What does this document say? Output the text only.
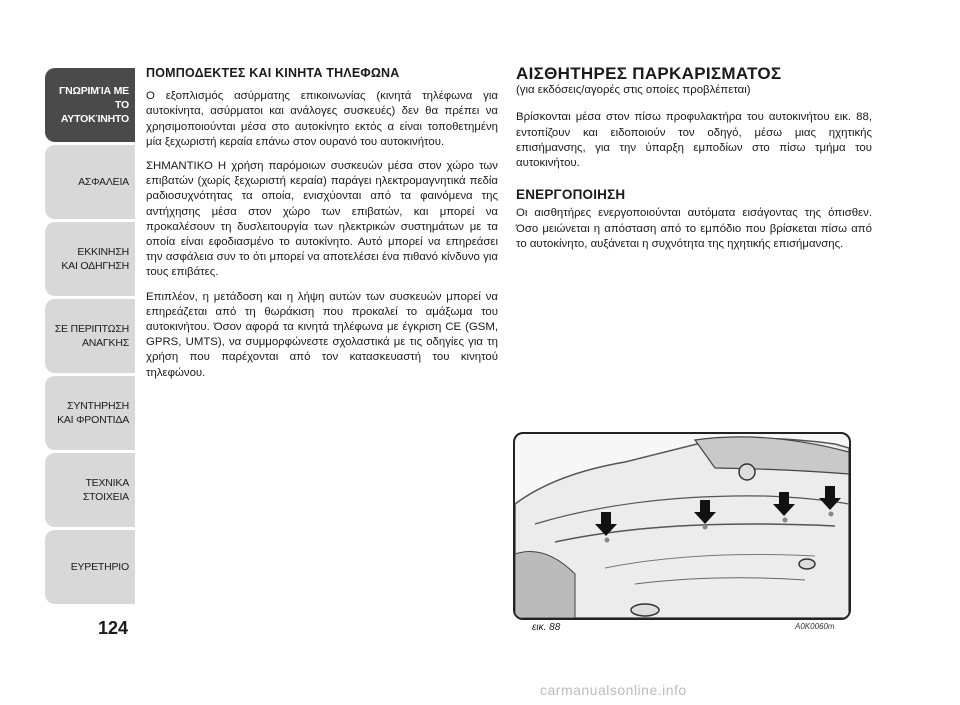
ΓΝΩΡΙΜΊΑ ΜΕ ΤΟ
ΑΥΤΟΚΊΝΗΤΟ
ΑΣΦΑΛΕΙΑ
ΕΚΚΙΝΗΣΗ
ΚΑΙ ΟΔΗΓΗΣΗ
ΣΕ ΠΕΡΙΠΤΩΣΗ
ΑΝΑΓΚΗΣ
ΣΥΝΤΗΡΗΣΗ
ΚΑΙ ΦΡΟΝΤΙΔΑ
ΤΕΧΝΙΚΑ
ΣΤΟΙΧΕΙΑ
ΕΥΡΕΤΗΡΙΟ
124
ΠΟΜΠΟΔΕΚΤΕΣ ΚΑΙ ΚΙΝΗΤΑ ΤΗΛΕΦΩΝΑ

Ο εξοπλισμός ασύρματης επικοινωνίας (κινητά τηλέφωνα για αυτοκίνητα, ασύρματοι και ανάλογες συσκευές) δεν θα πρέπει να χρησιμοποιούνται μέσα στο αυτοκίνητο εκτός α είναι τοποθετημένη μία ξεχωριστή κεραία επάνω στον ουρανό του αυτοκινήτου.

ΣΗΜΑΝΤΙΚΟ Η χρήση παρόμοιων συσκευών μέσα στον χώρο των επιβατών (χωρίς ξεχωριστή κεραία) παράγει ηλεκτρομαγνητικά πεδία ραδιοσυχνότητας τα οποία, ενισχύονται από τα φαινόμενα της αντήχησης μέσα στον χώρο των επιβατών, και μπορεί να προκαλέσουν τη δυσλειτουργία των ηλεκτρικών συστημάτων με τα οποία είναι εφοδιασμένο το αυτοκίνητο. Αυτό μπορεί να επηρεάσει την ασφάλεια συν το ότι μπορεί να αποτελέσει ένα πιθανό κίνδυνο για τους επιβάτες.

Επιπλέον, η μετάδοση και η λήψη αυτών των συσκευών μπορεί να επηρεάζεται από τη θωράκιση που προκαλεί το αμάξωμα του αυτοκινήτου. Όσον αφορά τα κινητά τηλέφωνα με έγκριση CE (GSM, GPRS, UMTS), να συμμορφώνεστε σχολαστικά με τις οδηγίες για τη χρήση που παρέχονται από τον κατασκευαστή του κινητού τηλεφώνου.

ΑΙΣΘΗΤΗΡΕΣ ΠΑΡΚΑΡΙΣΜΑΤΟΣ
(για εκδόσεις/αγορές στις οποίες προβλέπεται)

Βρίσκονται μέσα στον πίσω προφυλακτήρα του αυτοκινήτου εικ. 88, εντοπίζουν και ειδοποιούν τον οδηγό, μέσω μιας ηχητικής επισήμανσης, για την ύπαρξη εμποδίων στο πίσω τμήμα του αυτοκινήτου.

ΕΝΕΡΓΟΠΟΙΗΣΗ

Οι αισθητήρες ενεργοποιούνται αυτόματα εισάγοντας της όπισθεν. Όσο μειώνεται η απόσταση από το εμπόδιο που βρίσκεται πίσω από το αυτοκίνητο, αυξάνεται η συχνότητα της ηχητικής επισήμανσης.

εικ. 88	A0K0060m
carmanualsonline.info
